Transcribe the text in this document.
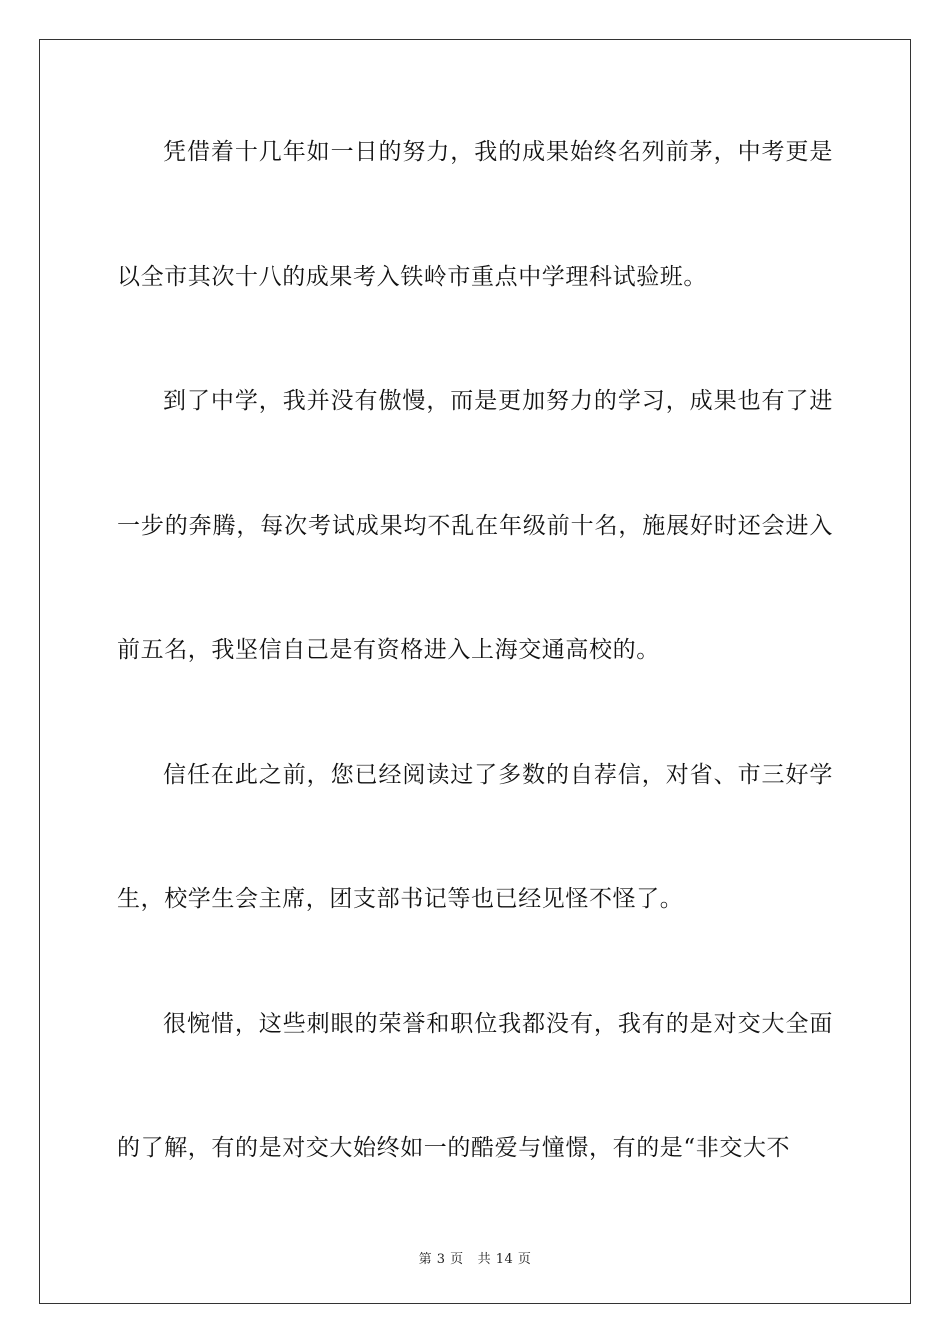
凭借着十几年如一日的努力，我的成果始终名列前茅，中考更是以全市其次十八的成果考入铁岭市重点中学理科试验班。

到了中学，我并没有傲慢，而是更加努力的学习，成果也有了进一步的奔腾，每次考试成果均不乱在年级前十名，施展好时还会进入前五名，我坚信自己是有资格进入上海交通高校的。

信任在此之前，您已经阅读过了多数的自荐信，对省、市三好学生，校学生会主席，团支部书记等也已经见怪不怪了。

很惋惜，这些刺眼的荣誉和职位我都没有，我有的是对交大全面的了解，有的是对交大始终如一的酷爱与憧憬，有的是“非交大不

第 3 页 共 14 页
